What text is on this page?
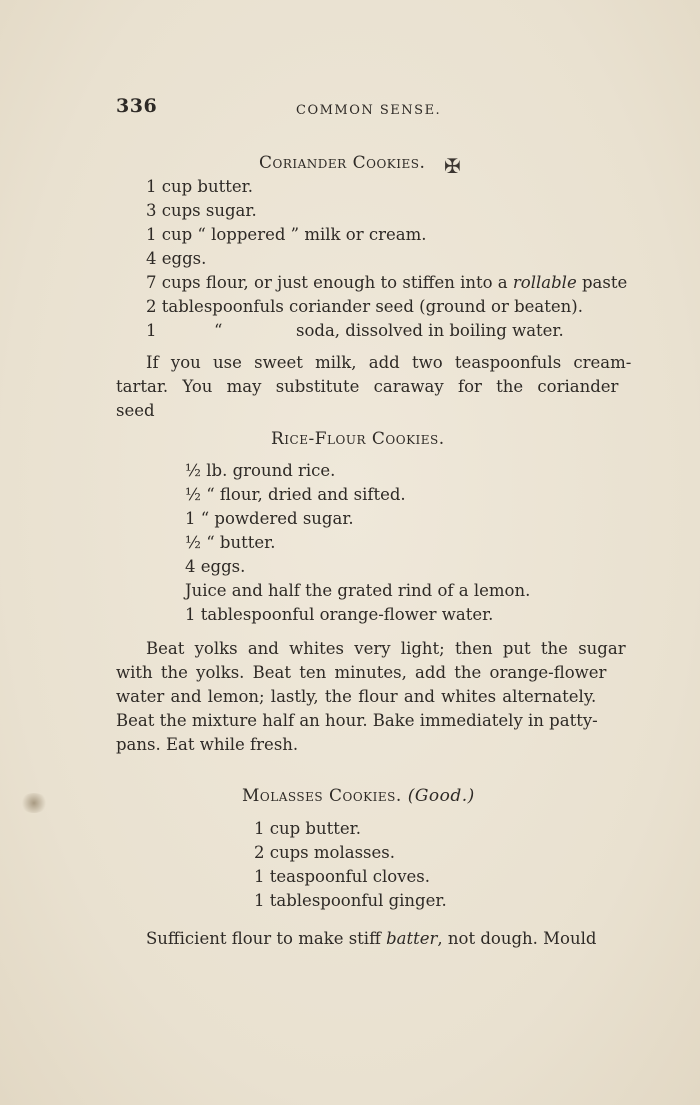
336	COMMON SENSE.
Coriander Cookies. ✠
1 cup butter.
3 cups sugar.
1 cup “ loppered ” milk or cream.
4 eggs.
7 cups flour, or just enough to stiffen into a rollable paste
2 tablespoonfuls coriander seed (ground or beaten).
1	“	soda, dissolved in boiling water.
If you use sweet milk, add two teaspoonfuls cream-
tartar. You may substitute caraway for the coriander
seed
Rice-Flour Cookies.
½ lb. ground rice.
½ “ flour, dried and sifted.
1 “ powdered sugar.
½ “ butter.
4 eggs.
Juice and half the grated rind of a lemon.
1 tablespoonful orange-flower water.
Beat yolks and whites very light; then put the sugar
with the yolks. Beat ten minutes, add the orange-flower
water and lemon; lastly, the flour and whites alternately.
Beat the mixture half an hour. Bake immediately in patty-
pans. Eat while fresh.
Molasses Cookies. (Good.)
1 cup butter.
2 cups molasses.
1 teaspoonful cloves.
1 tablespoonful ginger.
Sufficient flour to make stiff batter, not dough. Mould
